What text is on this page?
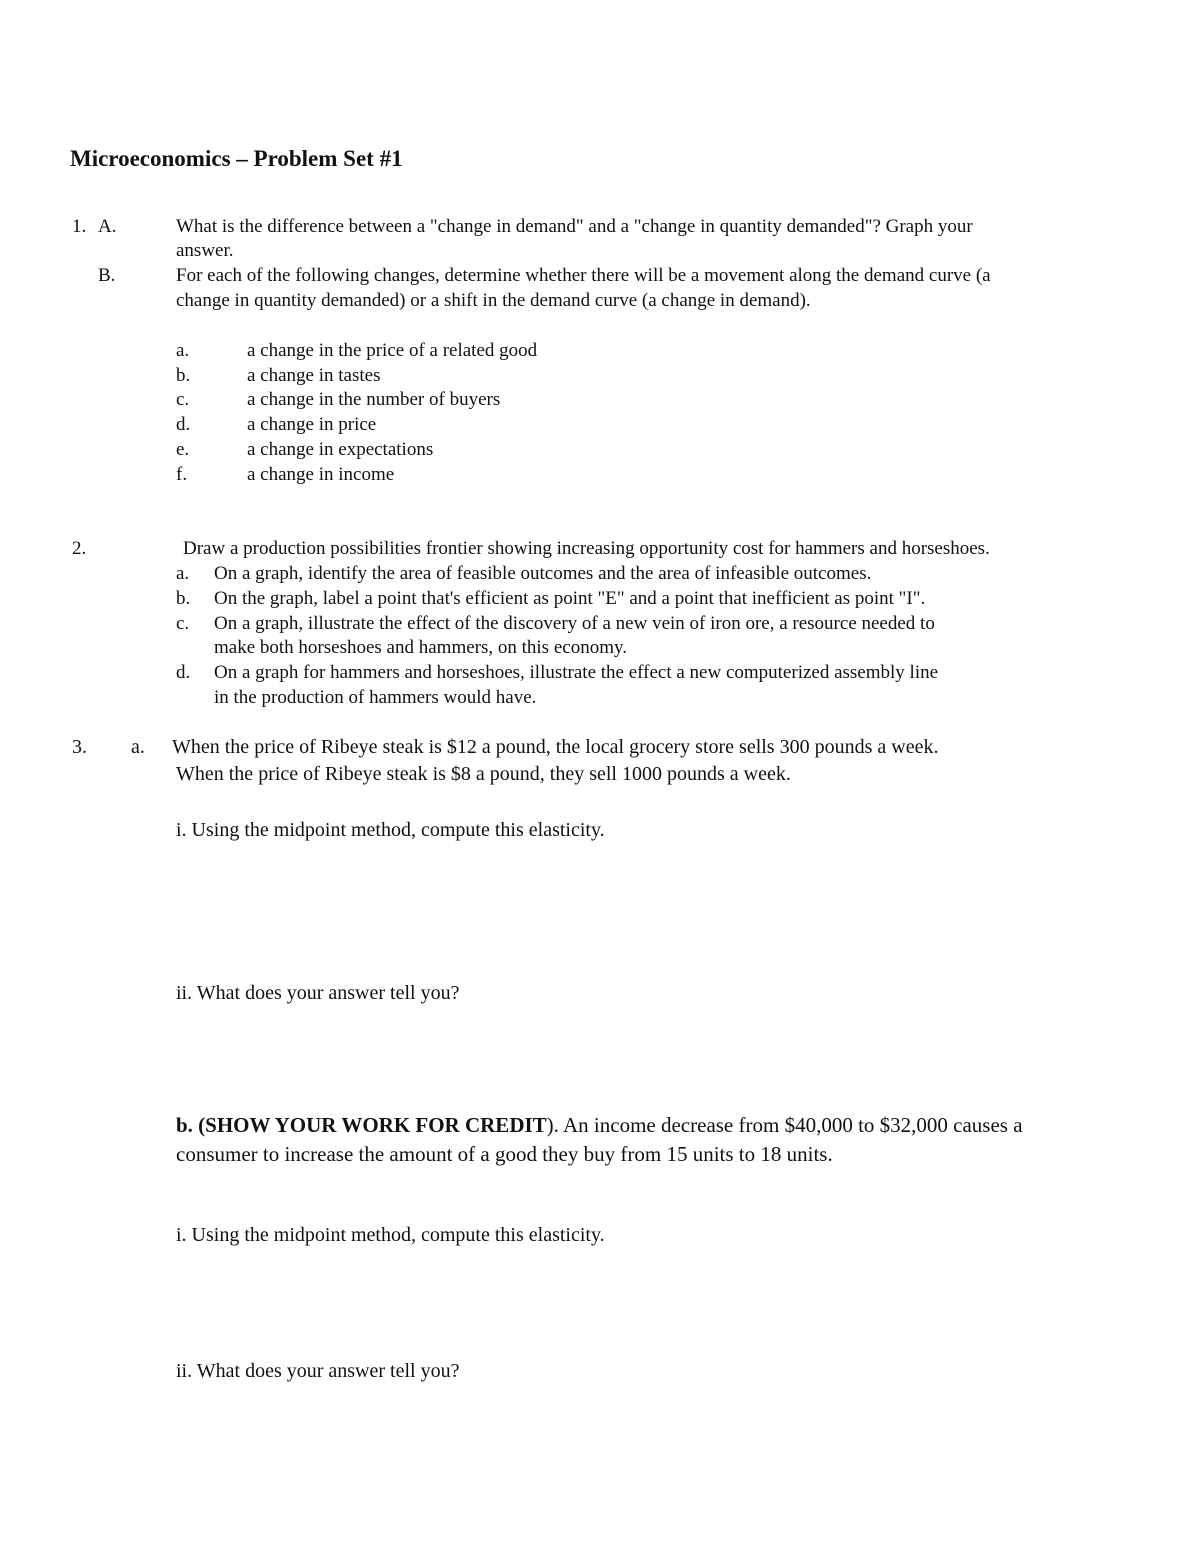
Microeconomics – Problem Set #1
1. A.	What is the difference between a "change in demand" and a "change in quantity demanded"? Graph your
answer.
B.	For each of the following changes, determine whether there will be a movement along the demand curve (a
change in quantity demanded) or a shift in the demand curve (a change in demand).
a.	a change in the price of a related good
b.	a change in tastes
c.	a change in the number of buyers
d.	a change in price
e.	a change in expectations
f.	a change in income
2.	Draw a production possibilities frontier showing increasing opportunity cost for hammers and horseshoes.
a. On a graph, identify the area of feasible outcomes and the area of infeasible outcomes.
b. On the graph, label a point that's efficient as point "E" and a point that inefficient as point "I".
c. On a graph, illustrate the effect of the discovery of a new vein of iron ore, a resource needed to
make both horseshoes and hammers, on this economy.
d. On a graph for hammers and horseshoes, illustrate the effect a new computerized assembly line
in the production of hammers would have.
3. a. When the price of Ribeye steak is $12 a pound, the local grocery store sells 300 pounds a week.
When the price of Ribeye steak is $8 a pound, they sell 1000 pounds a week.
i. Using the midpoint method, compute this elasticity.
ii. What does your answer tell you?
b. (SHOW YOUR WORK FOR CREDIT). An income decrease from $40,000 to $32,000 causes a
consumer to increase the amount of a good they buy from 15 units to 18 units.
i. Using the midpoint method, compute this elasticity.
ii. What does your answer tell you?
